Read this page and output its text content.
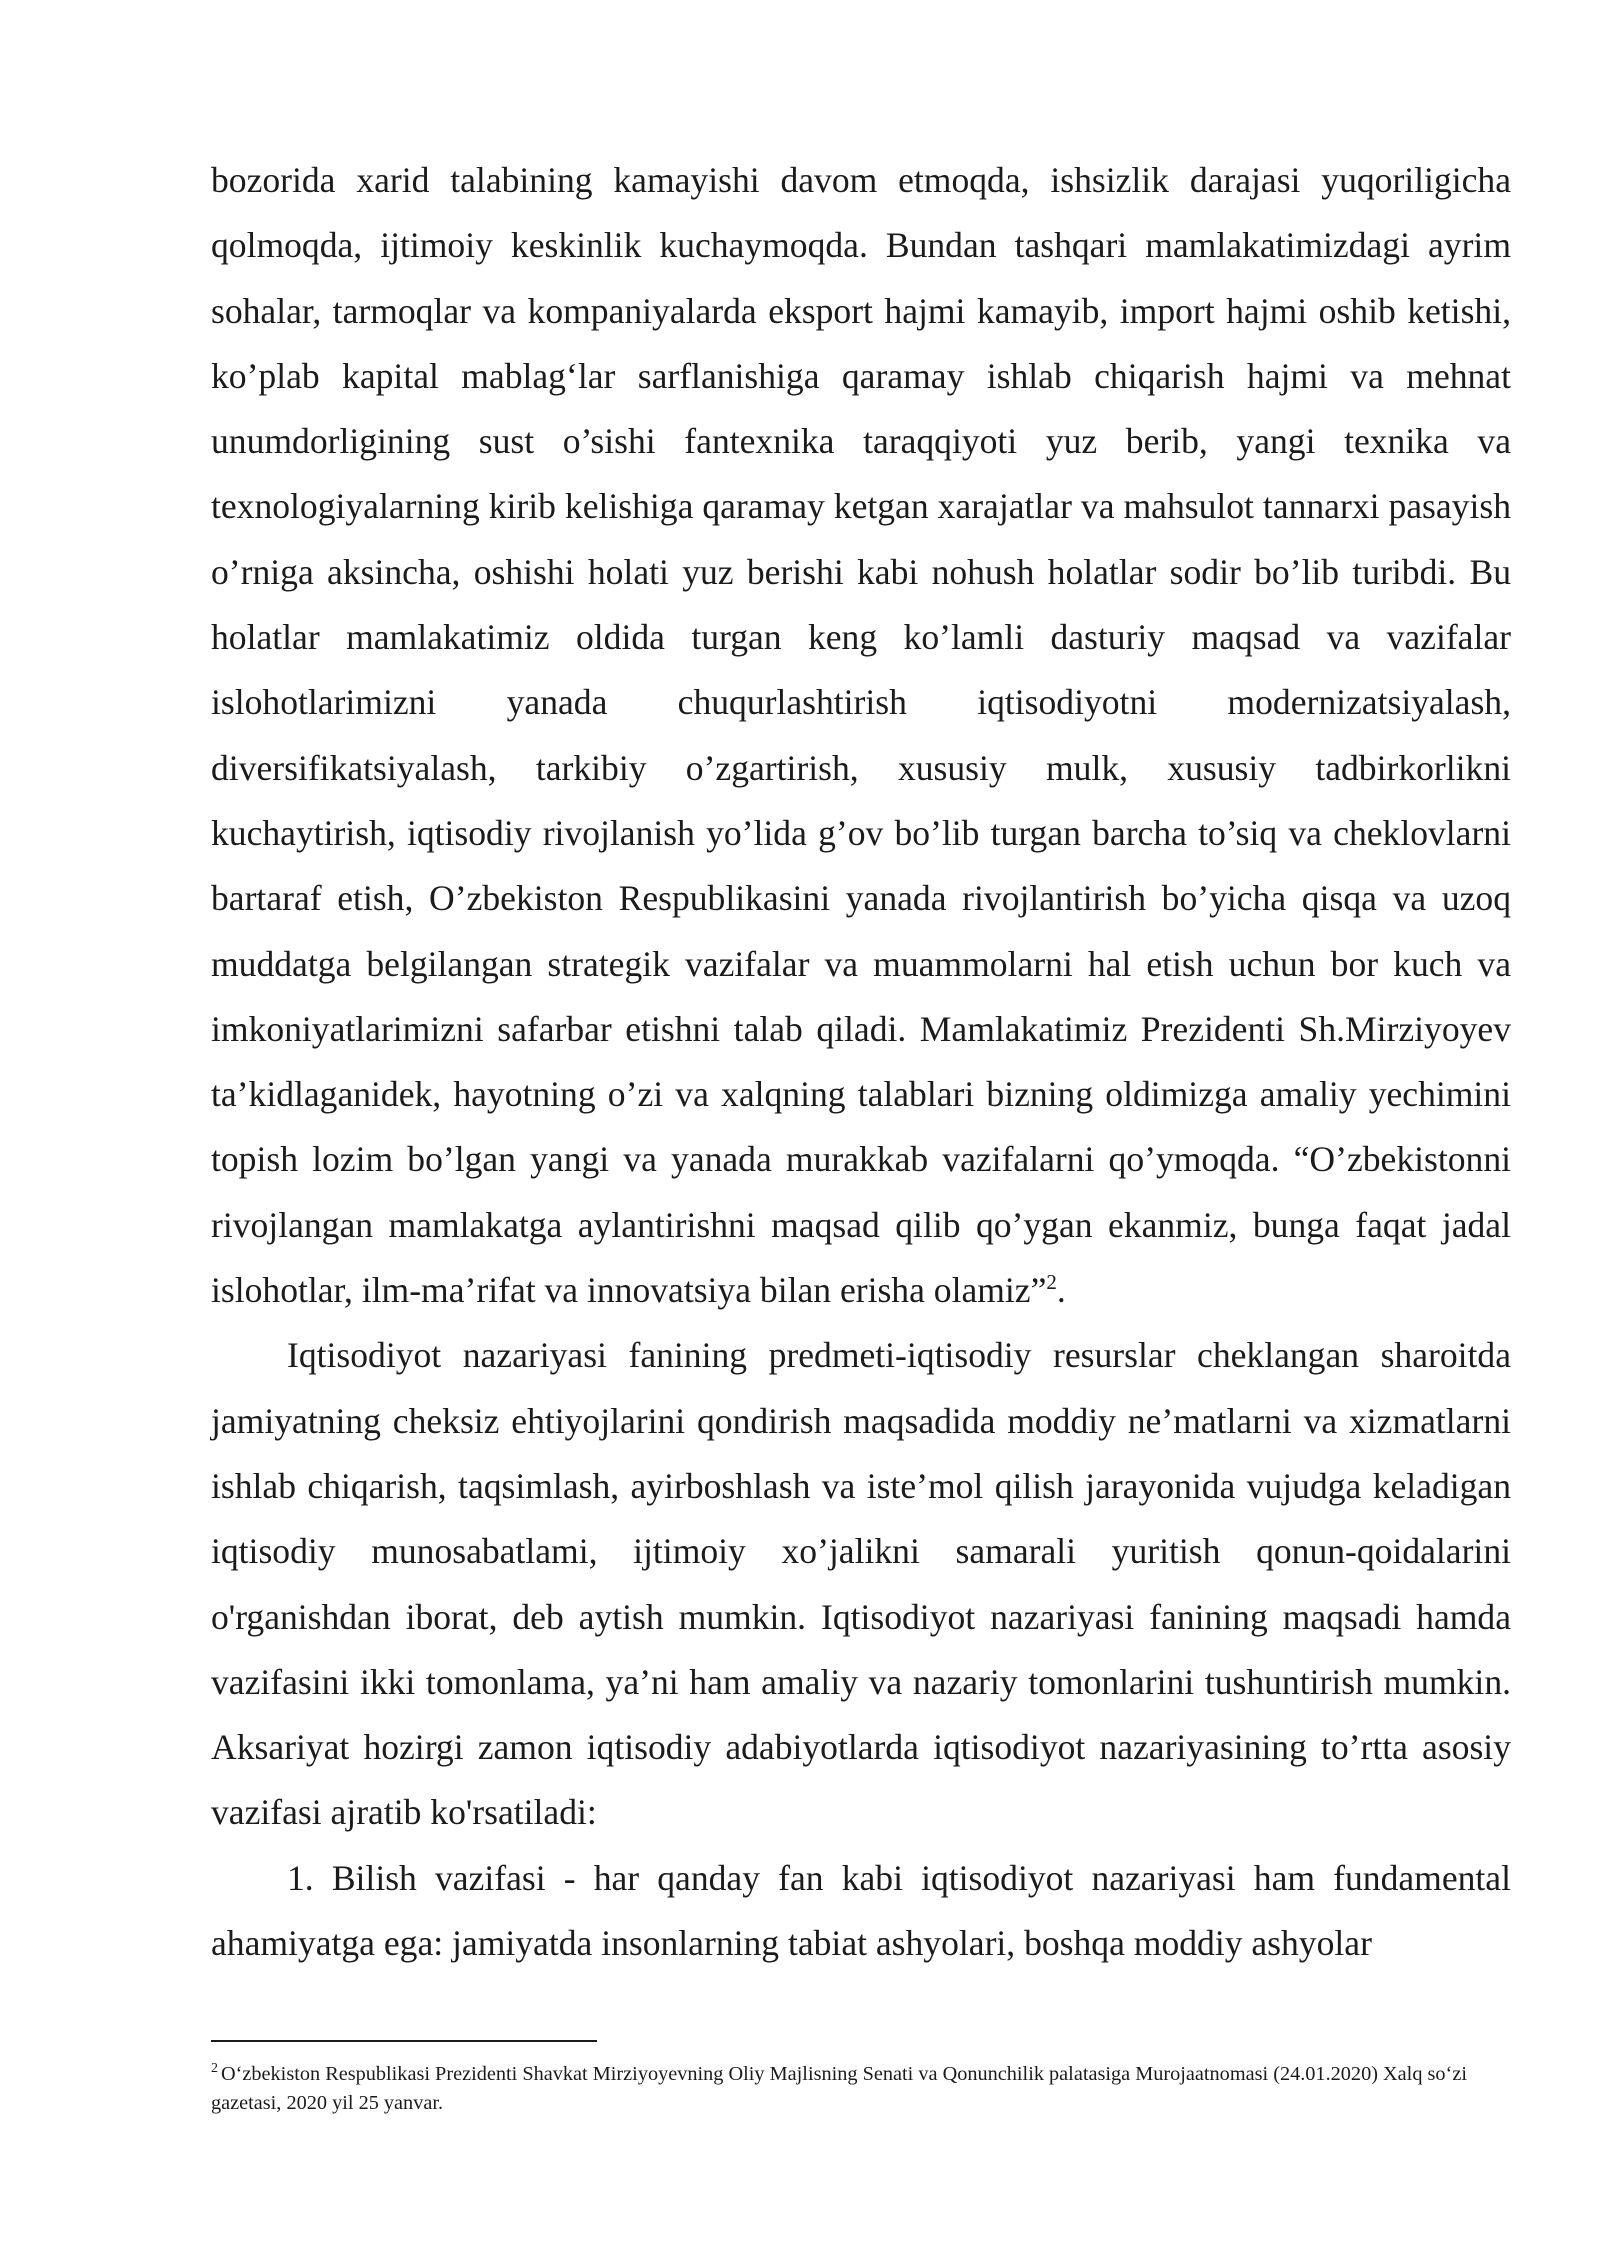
bozorida xarid talabining kamayishi davom etmoqda, ishsizlik darajasi yuqoriligicha qolmoqda, ijtimoiy keskinlik kuchaymoqda. Bundan tashqari mamlakatimizdagi ayrim sohalar, tarmoqlar va kompaniyalarda eksport hajmi kamayib, import hajmi oshib ketishi, ko’plab kapital mablag‘lar sarflanishiga qaramay ishlab chiqarish hajmi va mehnat unumdorligining sust o’sishi fantexnika taraqqiyoti yuz berib, yangi texnika va texnologiyalarning kirib kelishiga qaramay ketgan xarajatlar va mahsulot tannarxi pasayish o’rniga aksincha, oshishi holati yuz berishi kabi nohush holatlar sodir bo’lib turibdi. Bu holatlar mamlakatimiz oldida turgan keng ko’lamli dasturiy maqsad va vazifalar islohotlarimizni yanada chuqurlashtirish iqtisodiyotni modernizatsiyalash, diversifikatsiyalash, tarkibiy o’zgartirish, xususiy mulk, xususiy tadbirkorlikni kuchaytirish, iqtisodiy rivojlanish yo’lida g’ov bo’lib turgan barcha to’siq va cheklovlarni bartaraf etish, O’zbekiston Respublikasini yanada rivojlantirish bo’yicha qisqa va uzoq muddatga belgilangan strategik vazifalar va muammolarni hal etish uchun bor kuch va imkoniyatlarimizni safarbar etishni talab qiladi. Mamlakatimiz Prezidenti Sh.Mirziyoyev ta’kidlaganidek, hayotning o’zi va xalqning talablari bizning oldimizga amaliy yechimini topish lozim bo’lgan yangi va yanada murakkab vazifalarni qo’ymoqda. “O’zbekistonni rivojlangan mamlakatga aylantirishni maqsad qilib qo’ygan ekanmiz, bunga faqat jadal islohotlar, ilm-ma’rifat va innovatsiya bilan erisha olamiz”$^2$.

Iqtisodiyot nazariyasi fanining predmeti-iqtisodiy resurslar cheklangan sharoitda jamiyatning cheksiz ehtiyojlarini qondirish maqsadida moddiy ne’matlarni va xizmatlarni ishlab chiqarish, taqsimlash, ayirboshlash va iste’mol qilish jarayonida vujudga keladigan iqtisodiy munosabatlami, ijtimoiy xo’jalikni samarali yuritish qonun-qoidalarini o'rganishdan iborat, deb aytish mumkin. Iqtisodiyot nazariyasi fanining maqsadi hamda vazifasini ikki tomonlama, ya’ni ham amaliy va nazariy tomonlarini tushuntirish mumkin. Aksariyat hozirgi zamon iqtisodiy adabiyotlarda iqtisodiyot nazariyasining to’rtta asosiy vazifasi ajratib ko'rsatiladi:

1. Bilish vazifasi - har qanday fan kabi iqtisodiyot nazariyasi ham fundamental ahamiyatga ega: jamiyatda insonlarning tabiat ashyolari, boshqa moddiy ashyolar

$^2$ O‘zbekiston Respublikasi Prezidenti Shavkat Mirziyoyevning Oliy Majlisning Senati va Qonunchilik palatasiga Murojaatnomasi (24.01.2020) Xalq so‘zi gazetasi, 2020 yil 25 yanvar.
